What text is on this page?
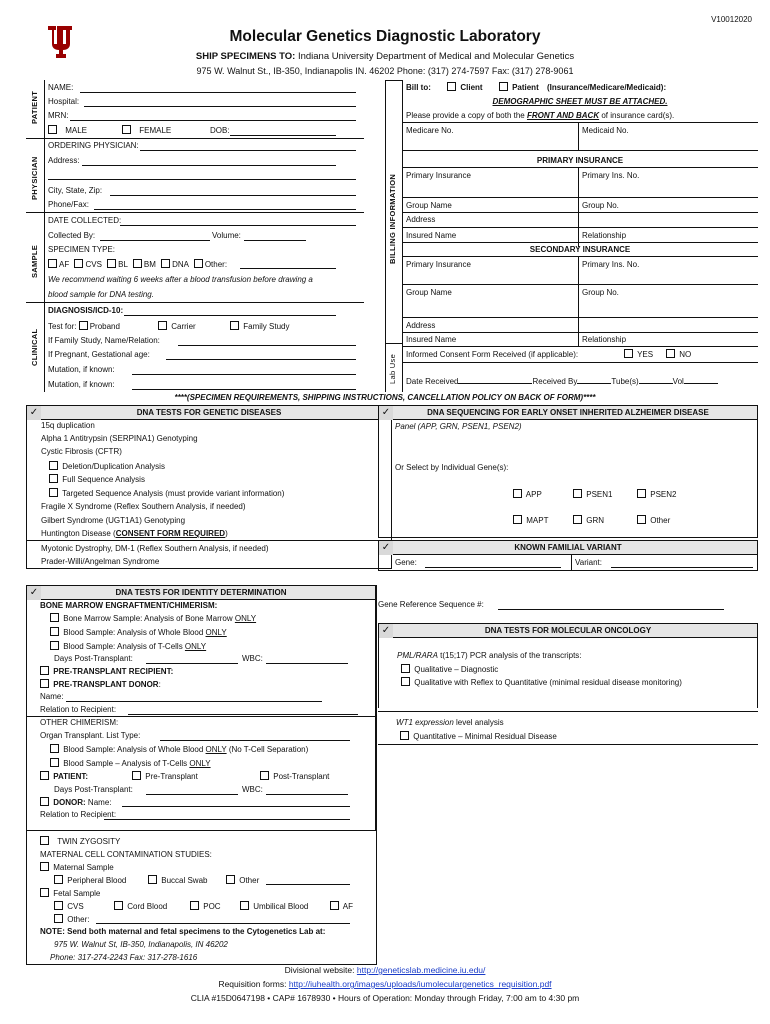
V10012020
Molecular Genetics Diagnostic Laboratory
SHIP SPECIMENS TO: Indiana University Department of Medical and Molecular Genetics
975 W. Walnut St., IB-350, Indianapolis IN. 46202 Phone: (317) 274-7597 Fax: (317) 278-9061
PATIENT
PHYSICIAN
SAMPLE
CLINICAL
NAME:
Hospital:
MRN:
MALE	FEMALE	DOB:
ORDERING PHYSICIAN:
Address:
City, State, Zip:
Phone/Fax:
DATE COLLECTED:
Collected By:	Volume:
SPECIMEN TYPE:
AF CVS BL BM DNA Other:
We recommend waiting 6 weeks after a blood transfusion before drawing a
blood sample for DNA testing.
DIAGNOSIS/ICD-10:
Test for: Proband	Carrier	Family Study
If Family Study, Name/Relation:
If Pregnant, Gestational age:
Mutation, if known:
Mutation, if known:
BILLING INFORMATION
Lab Use
Bill to:	Client	Patient (Insurance/Medicare/Medicaid):
DEMOGRAPHIC SHEET MUST BE ATTACHED.
Please provide a copy of both the FRONT AND BACK of insurance card(s).
Medicare No.	Medicaid No.
PRIMARY INSURANCE
Primary Insurance	Primary Ins. No.
Group Name	Group No.
Address
Insured Name	Relationship
SECONDARY INSURANCE
Primary Insurance	Primary Ins. No.
Group Name	Group No.
Address
Insured Name	Relationship
Informed Consent Form Received (if applicable):	YES	NO
Date Received	Received By	Tube(s)	Vol
****(SPECIMEN REQUIREMENTS, SHIPPING INSTRUCTIONS, CANCELLATION POLICY ON BACK OF FORM)****
DNA TESTS FOR GENETIC DISEASES
✓
15q duplication
Alpha 1 Antitrypsin (SERPINA1) Genotyping
Cystic Fibrosis (CFTR)
Deletion/Duplication Analysis
Full Sequence Analysis
Targeted Sequence Analysis (must provide variant information)
Fragile X Syndrome (Reflex Southern Analysis, if needed)
Gilbert Syndrome (UGT1A1) Genotyping
Huntington Disease (CONSENT FORM REQUIRED)
Myotonic Dystrophy, DM-1 (Reflex Southern Analysis, if needed)
Prader-Willi/Angelman Syndrome
DNA SEQUENCING FOR EARLY ONSET INHERITED ALZHEIMER DISEASE
✓
Panel (APP, GRN, PSEN1, PSEN2)
Or Select by Individual Gene(s):
APP	PSEN1	PSEN2
MAPT	GRN	Other
KNOWN FAMILIAL VARIANT
✓
Gene:	Variant:
Gene Reference Sequence #:
DNA TESTS FOR IDENTITY DETERMINATION
✓
BONE MARROW ENGRAFTMENT/CHIMERISM:
Bone Marrow Sample: Analysis of Bone Marrow ONLY
Blood Sample: Analysis of Whole Blood ONLY
Blood Sample: Analysis of T-Cells ONLY
Days Post-Transplant:	WBC:
PRE-TRANSPLANT RECIPIENT:
PRE-TRANSPLANT DONOR:
Name:
Relation to Recipient:
OTHER CHIMERISM:
Organ Transplant. List Type:
Blood Sample: Analysis of Whole Blood ONLY (No T-Cell Separation)
Blood Sample – Analysis of T-Cells ONLY
PATIENT:	Pre-Transplant	Post-Transplant
Days Post-Transplant:	WBC:
DONOR: Name:
Relation to Recipient:
TWIN ZYGOSITY
MATERNAL CELL CONTAMINATION STUDIES:
Maternal Sample
Peripheral Blood	Buccal Swab	Other
Fetal Sample
CVS	Cord Blood	POC	Umbilical Blood	AF
Other:
NOTE: Send both maternal and fetal specimens to the Cytogenetics Lab at:
975 W. Walnut St, IB-350, Indianapolis, IN 46202
Phone: 317-274-2243 Fax: 317-278-1616
DNA TESTS FOR MOLECULAR ONCOLOGY
✓
PML/RARA t(15;17) PCR analysis of the transcripts:
Qualitative – Diagnostic
Qualitative with Reflex to Quantitative (minimal residual disease monitoring)
WT1 expression level analysis
Quantitative – Minimal Residual Disease
Divisional website: http://geneticslab.medicine.iu.edu/
Requisition forms: http://iuhealth.org/images/uploads/iumoleculargenetics_requisition.pdf
CLIA #15D0647198 • CAP# 1678930 • Hours of Operation: Monday through Friday, 7:00 am to 4:30 pm
